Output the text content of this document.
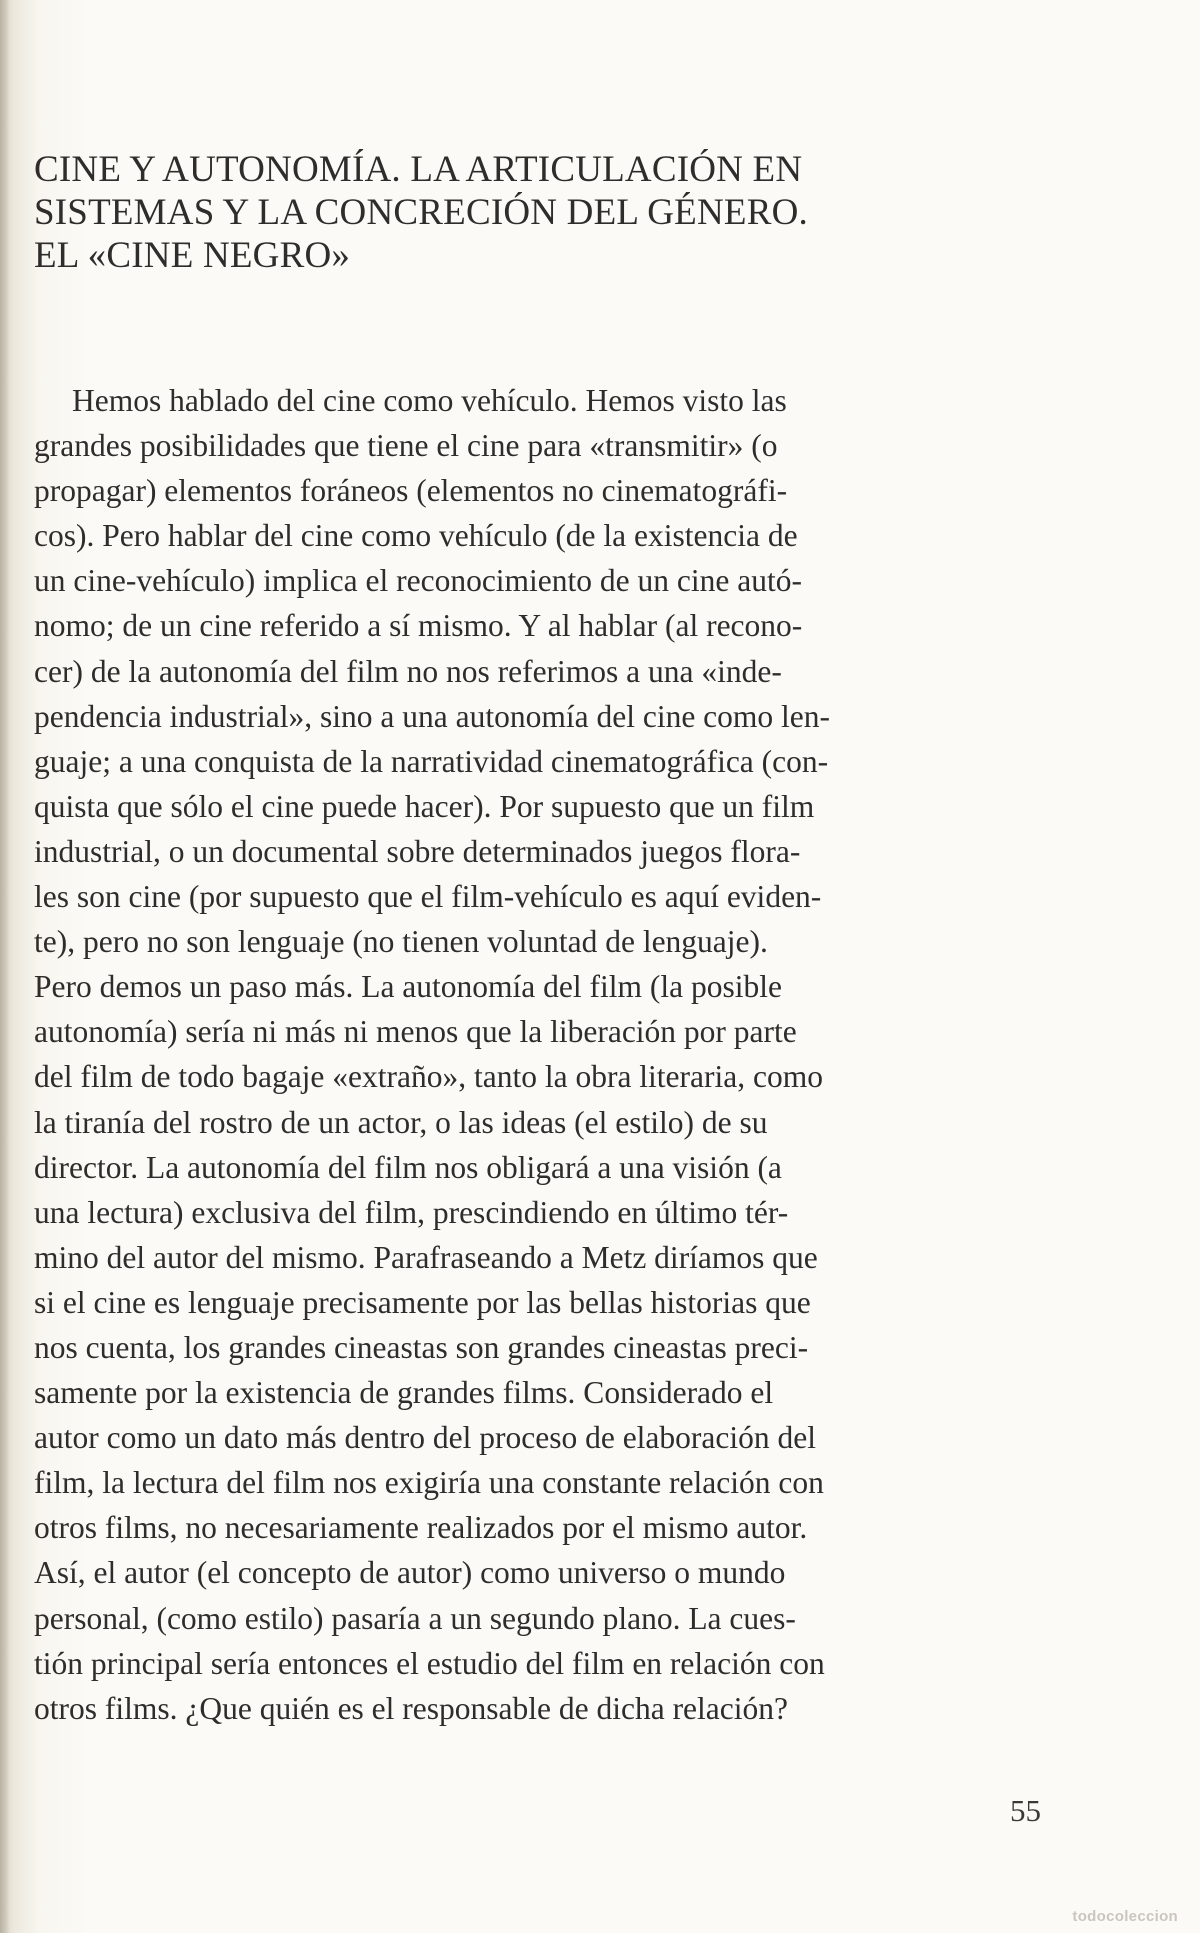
CINE Y AUTONOMÍA. LA ARTICULACIÓN EN
SISTEMAS Y LA CONCRECIÓN DEL GÉNERO.
EL «CINE NEGRO»
Hemos hablado del cine como vehículo. Hemos visto las
grandes posibilidades que tiene el cine para «transmitir» (o
propagar) elementos foráneos (elementos no cinematográfi-
cos). Pero hablar del cine como vehículo (de la existencia de
un cine-vehículo) implica el reconocimiento de un cine autó-
nomo; de un cine referido a sí mismo. Y al hablar (al recono-
cer) de la autonomía del film no nos referimos a una «inde-
pendencia industrial», sino a una autonomía del cine como len-
guaje; a una conquista de la narratividad cinematográfica (con-
quista que sólo el cine puede hacer). Por supuesto que un film
industrial, o un documental sobre determinados juegos flora-
les son cine (por supuesto que el film-vehículo es aquí eviden-
te), pero no son lenguaje (no tienen voluntad de lenguaje).
Pero demos un paso más. La autonomía del film (la posible
autonomía) sería ni más ni menos que la liberación por parte
del film de todo bagaje «extraño», tanto la obra literaria, como
la tiranía del rostro de un actor, o las ideas (el estilo) de su
director. La autonomía del film nos obligará a una visión (a
una lectura) exclusiva del film, prescindiendo en último tér-
mino del autor del mismo. Parafraseando a Metz diríamos que
si el cine es lenguaje precisamente por las bellas historias que
nos cuenta, los grandes cineastas son grandes cineastas preci-
samente por la existencia de grandes films. Considerado el
autor como un dato más dentro del proceso de elaboración del
film, la lectura del film nos exigiría una constante relación con
otros films, no necesariamente realizados por el mismo autor.
Así, el autor (el concepto de autor) como universo o mundo
personal, (como estilo) pasaría a un segundo plano. La cues-
tión principal sería entonces el estudio del film en relación con
otros films. ¿Que quién es el responsable de dicha relación?
55
todocoleccion
